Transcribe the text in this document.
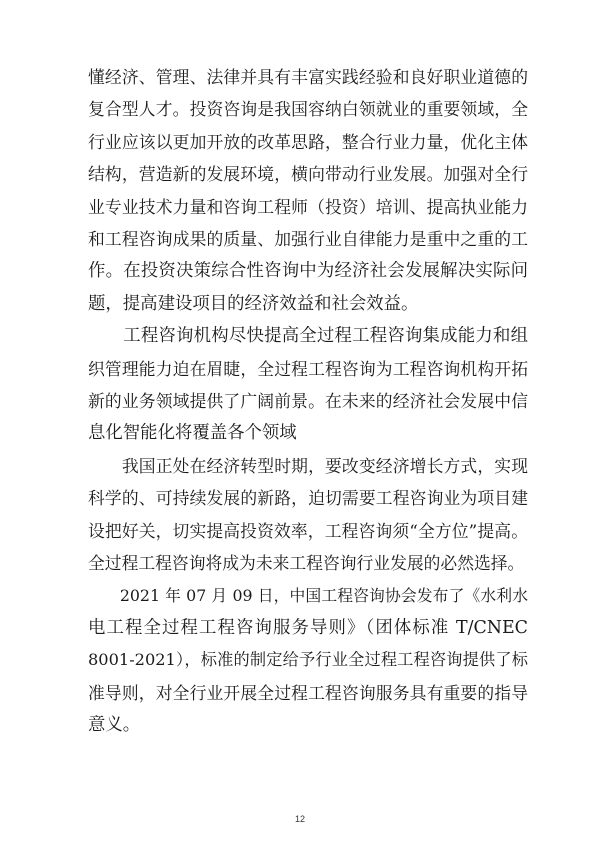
懂经济、管理、法律并具有丰富实践经验和良好职业道德的
复合型人才。投资咨询是我国容纳白领就业的重要领域，全
行业应该以更加开放的改革思路，整合行业力量，优化主体
结构，营造新的发展环境，横向带动行业发展。加强对全行
业专业技术力量和咨询工程师（投资）培训、提高执业能力
和工程咨询成果的质量、加强行业自律能力是重中之重的工
作。在投资决策综合性咨询中为经济社会发展解决实际问
题，提高建设项目的经济效益和社会效益。
　　工程咨询机构尽快提高全过程工程咨询集成能力和组
织管理能力迫在眉睫，全过程工程咨询为工程咨询机构开拓
新的业务领域提供了广阔前景。在未来的经济社会发展中信
息化智能化将覆盖各个领域
　　我国正处在经济转型时期，要改变经济增长方式，实现
科学的、可持续发展的新路，迫切需要工程咨询业为项目建
设把好关，切实提高投资效率，工程咨询须“全方位”提高。
全过程工程咨询将成为未来工程咨询行业发展的必然选择。
　　2021 年 07 月 09 日，中国工程咨询协会发布了《水利水
电工程全过程工程咨询服务导则》（团体标准 T/CNEC
8001-2021），标准的制定给予行业全过程工程咨询提供了标
准导则，对全行业开展全过程工程咨询服务具有重要的指导
意义。
12
